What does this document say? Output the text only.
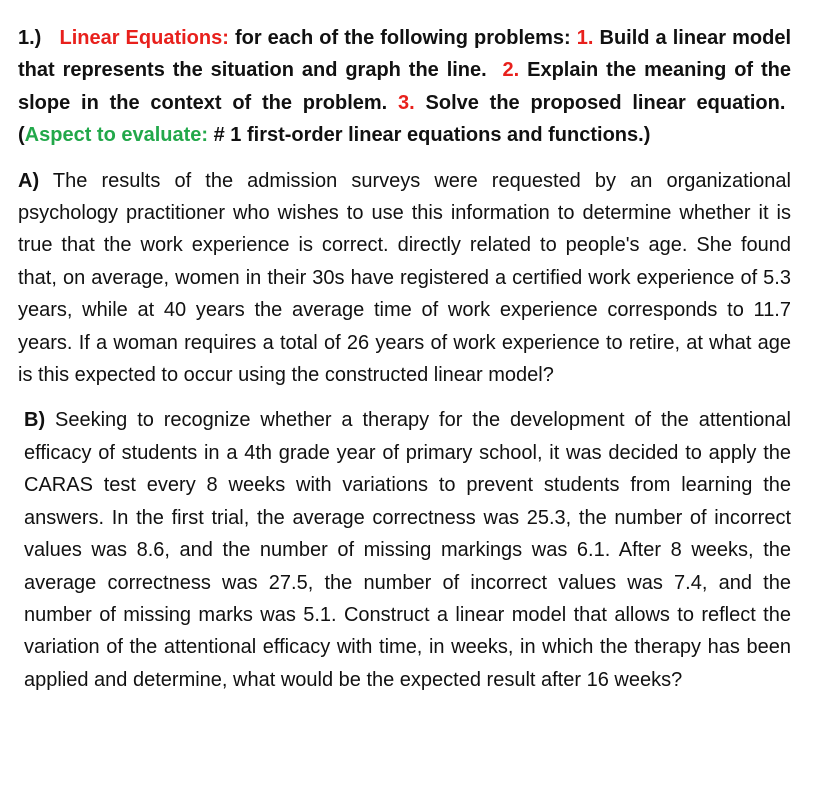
1.) Linear Equations: for each of the following problems: 1. Build a linear model that represents the situation and graph the line. 2. Explain the meaning of the slope in the context of the problem. 3. Solve the proposed linear equation.  (Aspect to evaluate: # 1 first-order linear equations and functions.)

A) The results of the admission surveys were requested by an organizational psychology practitioner who wishes to use this information to determine whether it is true that the work experience is correct. directly related to people's age. She found that, on average, women in their 30s have registered a certified work experience of 5.3 years, while at 40 years the average time of work experience corresponds to 11.7 years. If a woman requires a total of 26 years of work experience to retire, at what age is this expected to occur using the constructed linear model?

B) Seeking to recognize whether a therapy for the development of the attentional efficacy of students in a 4th grade year of primary school, it was decided to apply the CARAS test every 8 weeks with variations to prevent students from learning the answers. In the first trial, the average correctness was 25.3, the number of incorrect values was 8.6, and the number of missing markings was 6.1. After 8 weeks, the average correctness was 27.5, the number of incorrect values was 7.4, and the number of missing marks was 5.1. Construct a linear model that allows to reflect the variation of the attentional efficacy with time, in weeks, in which the therapy has been applied and determine, what would be the expected result after 16 weeks?
